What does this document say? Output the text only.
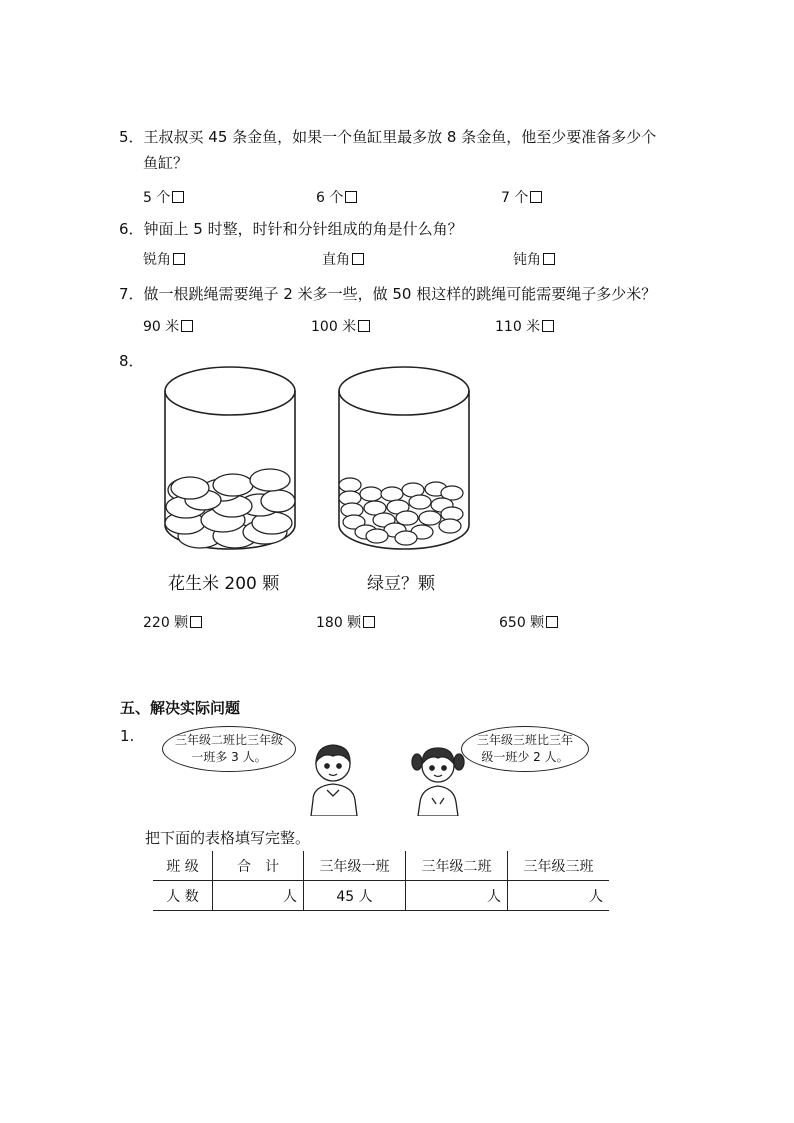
5．王叔叔买 45 条金鱼，如果一个鱼缸里最多放 8 条金鱼，他至少要准备多少个
鱼缸？
5 个	6 个	7 个
6．钟面上 5 时整，时针和分针组成的角是什么角？
锐角	直角	钝角
7．做一根跳绳需要绳子 2 米多一些，做 50 根这样的跳绳可能需要绳子多少米？
90 米	100 米	110 米
8．
花生米 200 颗	绿豆？颗
220 颗	180 颗	650 颗
五、解决实际问题
1.	三年级二班比三年级一班多 3 人。
三年级三班比三年级一班少 2 人。
把下面的表格填写完整。
班 级	合　计	三年级一班	三年级二班	三年级三班
人 数	人	45 人	人	人
